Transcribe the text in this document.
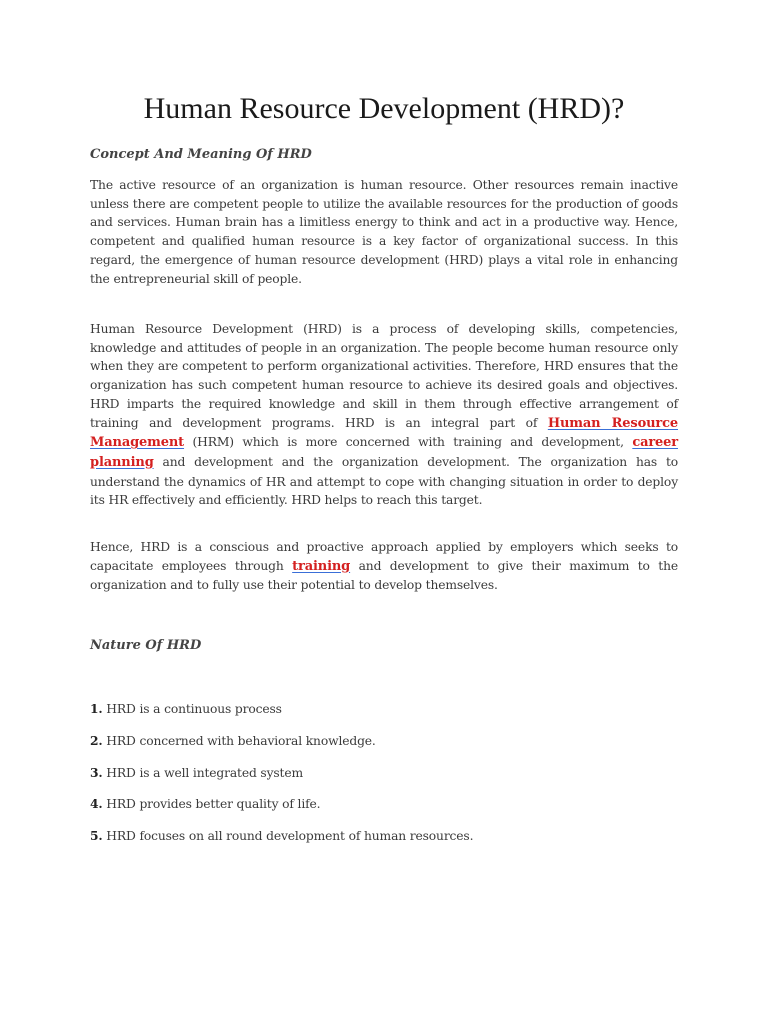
Human Resource Development (HRD)?
Concept And Meaning Of HRD

The active resource of an organization is human resource. Other resources remain inactive unless there are competent people to utilize the available resources for the production of goods and services. Human brain has a limitless energy to think and act in a productive way. Hence, competent and qualified human resource is a key factor of organizational success. In this regard, the emergence of human resource development (HRD) plays a vital role in enhancing the entrepreneurial skill of people.

Human Resource Development (HRD) is a process of developing skills, competencies, knowledge and attitudes of people in an organization. The people become human resource only when they are competent to perform organizational activities. Therefore, HRD ensures that the organization has such competent human resource to achieve its desired goals and objectives. HRD imparts the required knowledge and skill in them through effective arrangement of training and development programs. HRD is an integral part of Human Resource Management (HRM) which is more concerned with training and development, career planning and development and the organization development. The organization has to understand the dynamics of HR and attempt to cope with changing situation in order to deploy its HR effectively and efficiently. HRD helps to reach this target.

Hence, HRD is a conscious and proactive approach applied by employers which seeks to capacitate employees through training and development to give their maximum to the organization and to fully use their potential to develop themselves.

Nature Of HRD
1. HRD is a continuous process
2. HRD concerned with behavioral knowledge.
3. HRD is a well integrated system
4. HRD provides better quality of life.
5. HRD focuses on all round development of human resources.
